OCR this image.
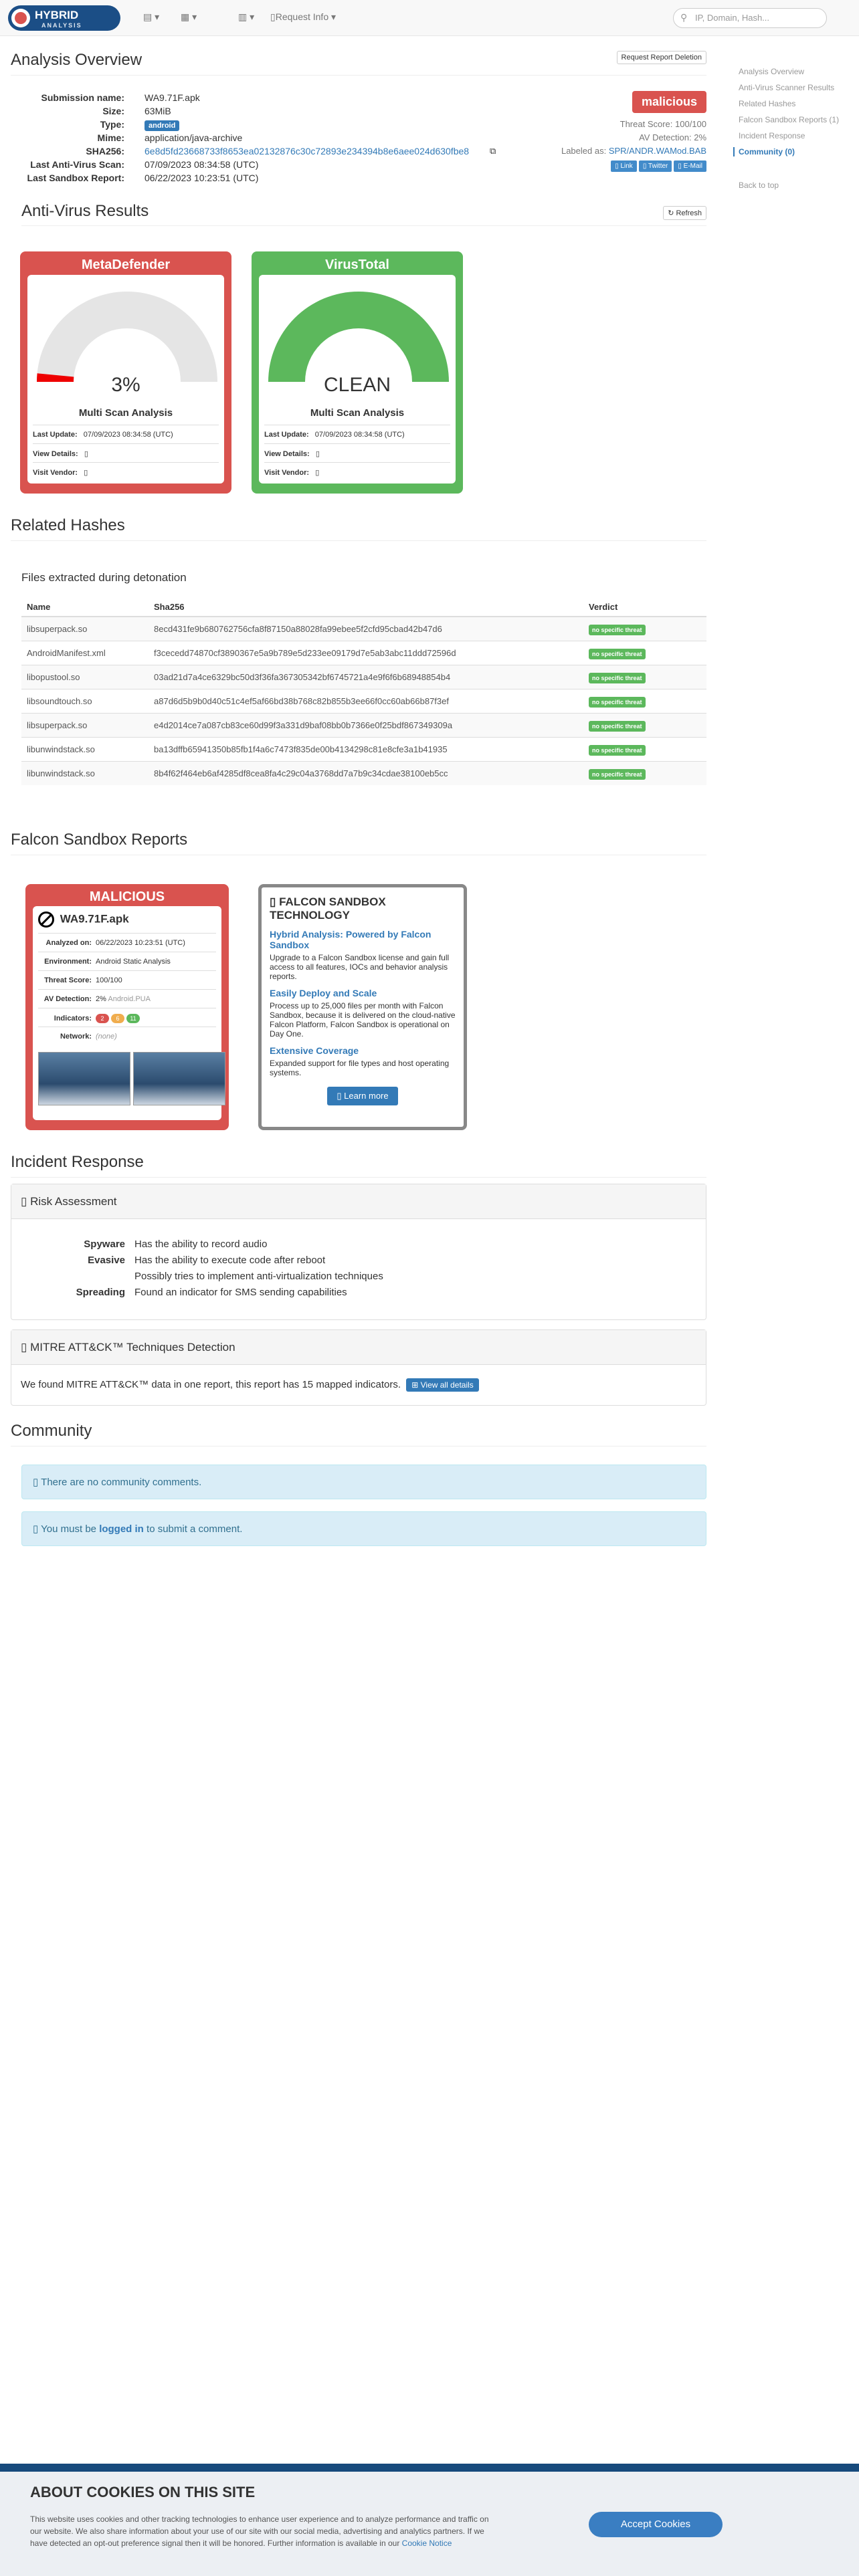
HYBRID
ANALYSIS
▤ ▾ ▦ ▾	▥ ▾ ▯Request Info ▾	⚲ IP, Domain, Hash...
Analysis Overview	Request Report Deletion
Submission name: WA9.71F.apk
Size: 63MiB
Type:	android
Mime: application/java-archive
SHA256: 6e8d5fd23668733f8653ea02132876c30c72893e234394b8e6aee024d630fbe8 ⧉
Last Anti-Virus Scan: 07/09/2023 08:34:58 (UTC)
Last Sandbox Report: 06/22/2023 10:23:51 (UTC)
malicious
Threat Score: 100/100
AV Detection: 2%
Labeled as: SPR/ANDR.WAMod.BAB
▯ Link ▯ Twitter ▯ E-Mail
Anti-Virus Results	↻ Refresh
MetaDefender
3%
Multi Scan Analysis
Last Update: 07/09/2023 08:34:58 (UTC)
View Details: ▯
Visit Vendor: ▯
VirusTotal
CLEAN
Multi Scan Analysis
Last Update: 07/09/2023 08:34:58 (UTC)
View Details: ▯
Visit Vendor: ▯
Related Hashes
Files extracted during detonation
Name	Sha256	Verdict
libsuperpack.so	8ecd431fe9b680762756cfa8f87150a88028fa99ebee5f2cfd95cbad42b47d6	no specific threat
AndroidManifest.xml	f3cecedd74870cf3890367e5a9b789e5d233ee09179d7e5ab3abc11ddd72596d	no specific threat
libopustool.so	03ad21d7a4ce6329bc50d3f36fa367305342bf6745721a4e9f6f6b68948854b4	no specific threat
libsoundtouch.so	a87d6d5b9b0d40c51c4ef5af66bd38b768c82b855b3ee66f0cc60ab66b87f3ef	no specific threat
libsuperpack.so	e4d2014ce7a087cb83ce60d99f3a331d9baf08bb0b7366e0f25bdf867349309a	no specific threat
libunwindstack.so	ba13dffb65941350b85fb1f4a6c7473f835de00b4134298c81e8cfe3a1b41935	no specific threat
libunwindstack.so	8b4f62f464eb6af4285df8cea8fa4c29c04a3768dd7a7b9c34cdae38100eb5cc	no specific threat
Falcon Sandbox Reports
MALICIOUS
WA9.71F.apk
Analyzed on: 06/22/2023 10:23:51 (UTC)
Environment: Android Static Analysis
Threat Score: 100/100
AV Detection: 2% Android.PUA
Indicators: 2 6 11
Network: (none)
▯ FALCON SANDBOX TECHNOLOGY
Hybrid Analysis: Powered by Falcon Sandbox

Upgrade to a Falcon Sandbox license and gain full access to all features, IOCs and behavior analysis reports.

Easily Deploy and Scale

Process up to 25,000 files per month with Falcon Sandbox, because it is delivered on the cloud-native Falcon Platform, Falcon Sandbox is operational on Day One.

Extensive Coverage

Expanded support for file types and host operating systems.

▯ Learn more
Incident Response
▯ Risk Assessment
Spyware Has the ability to record audio
Evasive Has the ability to execute code after reboot
Possibly tries to implement anti-virtualization techniques
Spreading Found an indicator for SMS sending capabilities
▯ MITRE ATT&CK™ Techniques Detection
We found MITRE ATT&CK™ data in one report, this report has 15 mapped indicators. ⊞ View all details
Community
▯ There are no community comments.
▯ You must be logged in to submit a comment.
Analysis Overview
Anti-Virus Scanner Results
Related Hashes
Falcon Sandbox Reports (1)
Incident Response
Community (0)
Back to top
ABOUT COOKIES ON THIS SITE

This website uses cookies and other tracking technologies to enhance user experience and to analyze performance and traffic on our website. We also share information about your use of our site with our social media, advertising and analytics partners. If we have detected an opt-out preference signal then it will be honored. Further information is available in our Cookie Notice

Accept Cookies
